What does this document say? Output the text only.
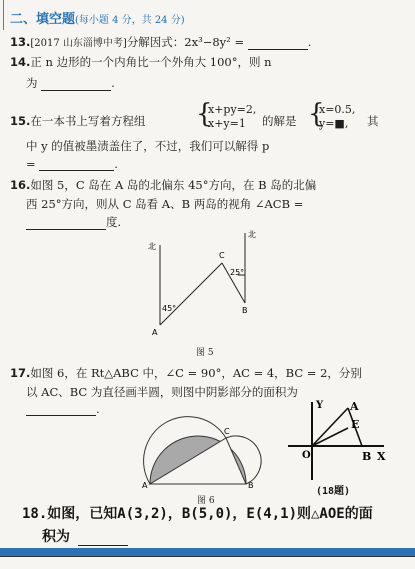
二、填空题(每小题 4 分，共 24 分)
13.[2017 山东淄博中考]分解因式：2x³−8y² =	.
14.正 n 边形的一个内角比一个外角大 100°，则 n
为	.
15.在一本书上写着方程组 {
x+py=2,
x+y=1	的解是 {
x=0.5,
y=■,	其
中 y 的值被墨渍盖住了，不过，我们可以解得 p
=	.
16.如图 5，C 岛在 A 岛的北偏东 45°方向，在 B 岛的北偏
西 25°方向，则从 C 岛看 A、B 两岛的视角 ∠ACB =
度.
北
北
45°
25°
A
B
C
图 5
17.如图 6，在 Rt△ABC 中，∠C = 90°，AC = 4，BC = 2，分别
以 AC、BC 为直径画半圆，则图中阴影部分的面积为
.
A
C
B
图 6
A
E
B
O	X
Y
(18题)
18.如图，已知A(3,2)，B(5,0)，E(4,1)则△AOE的面
积为
